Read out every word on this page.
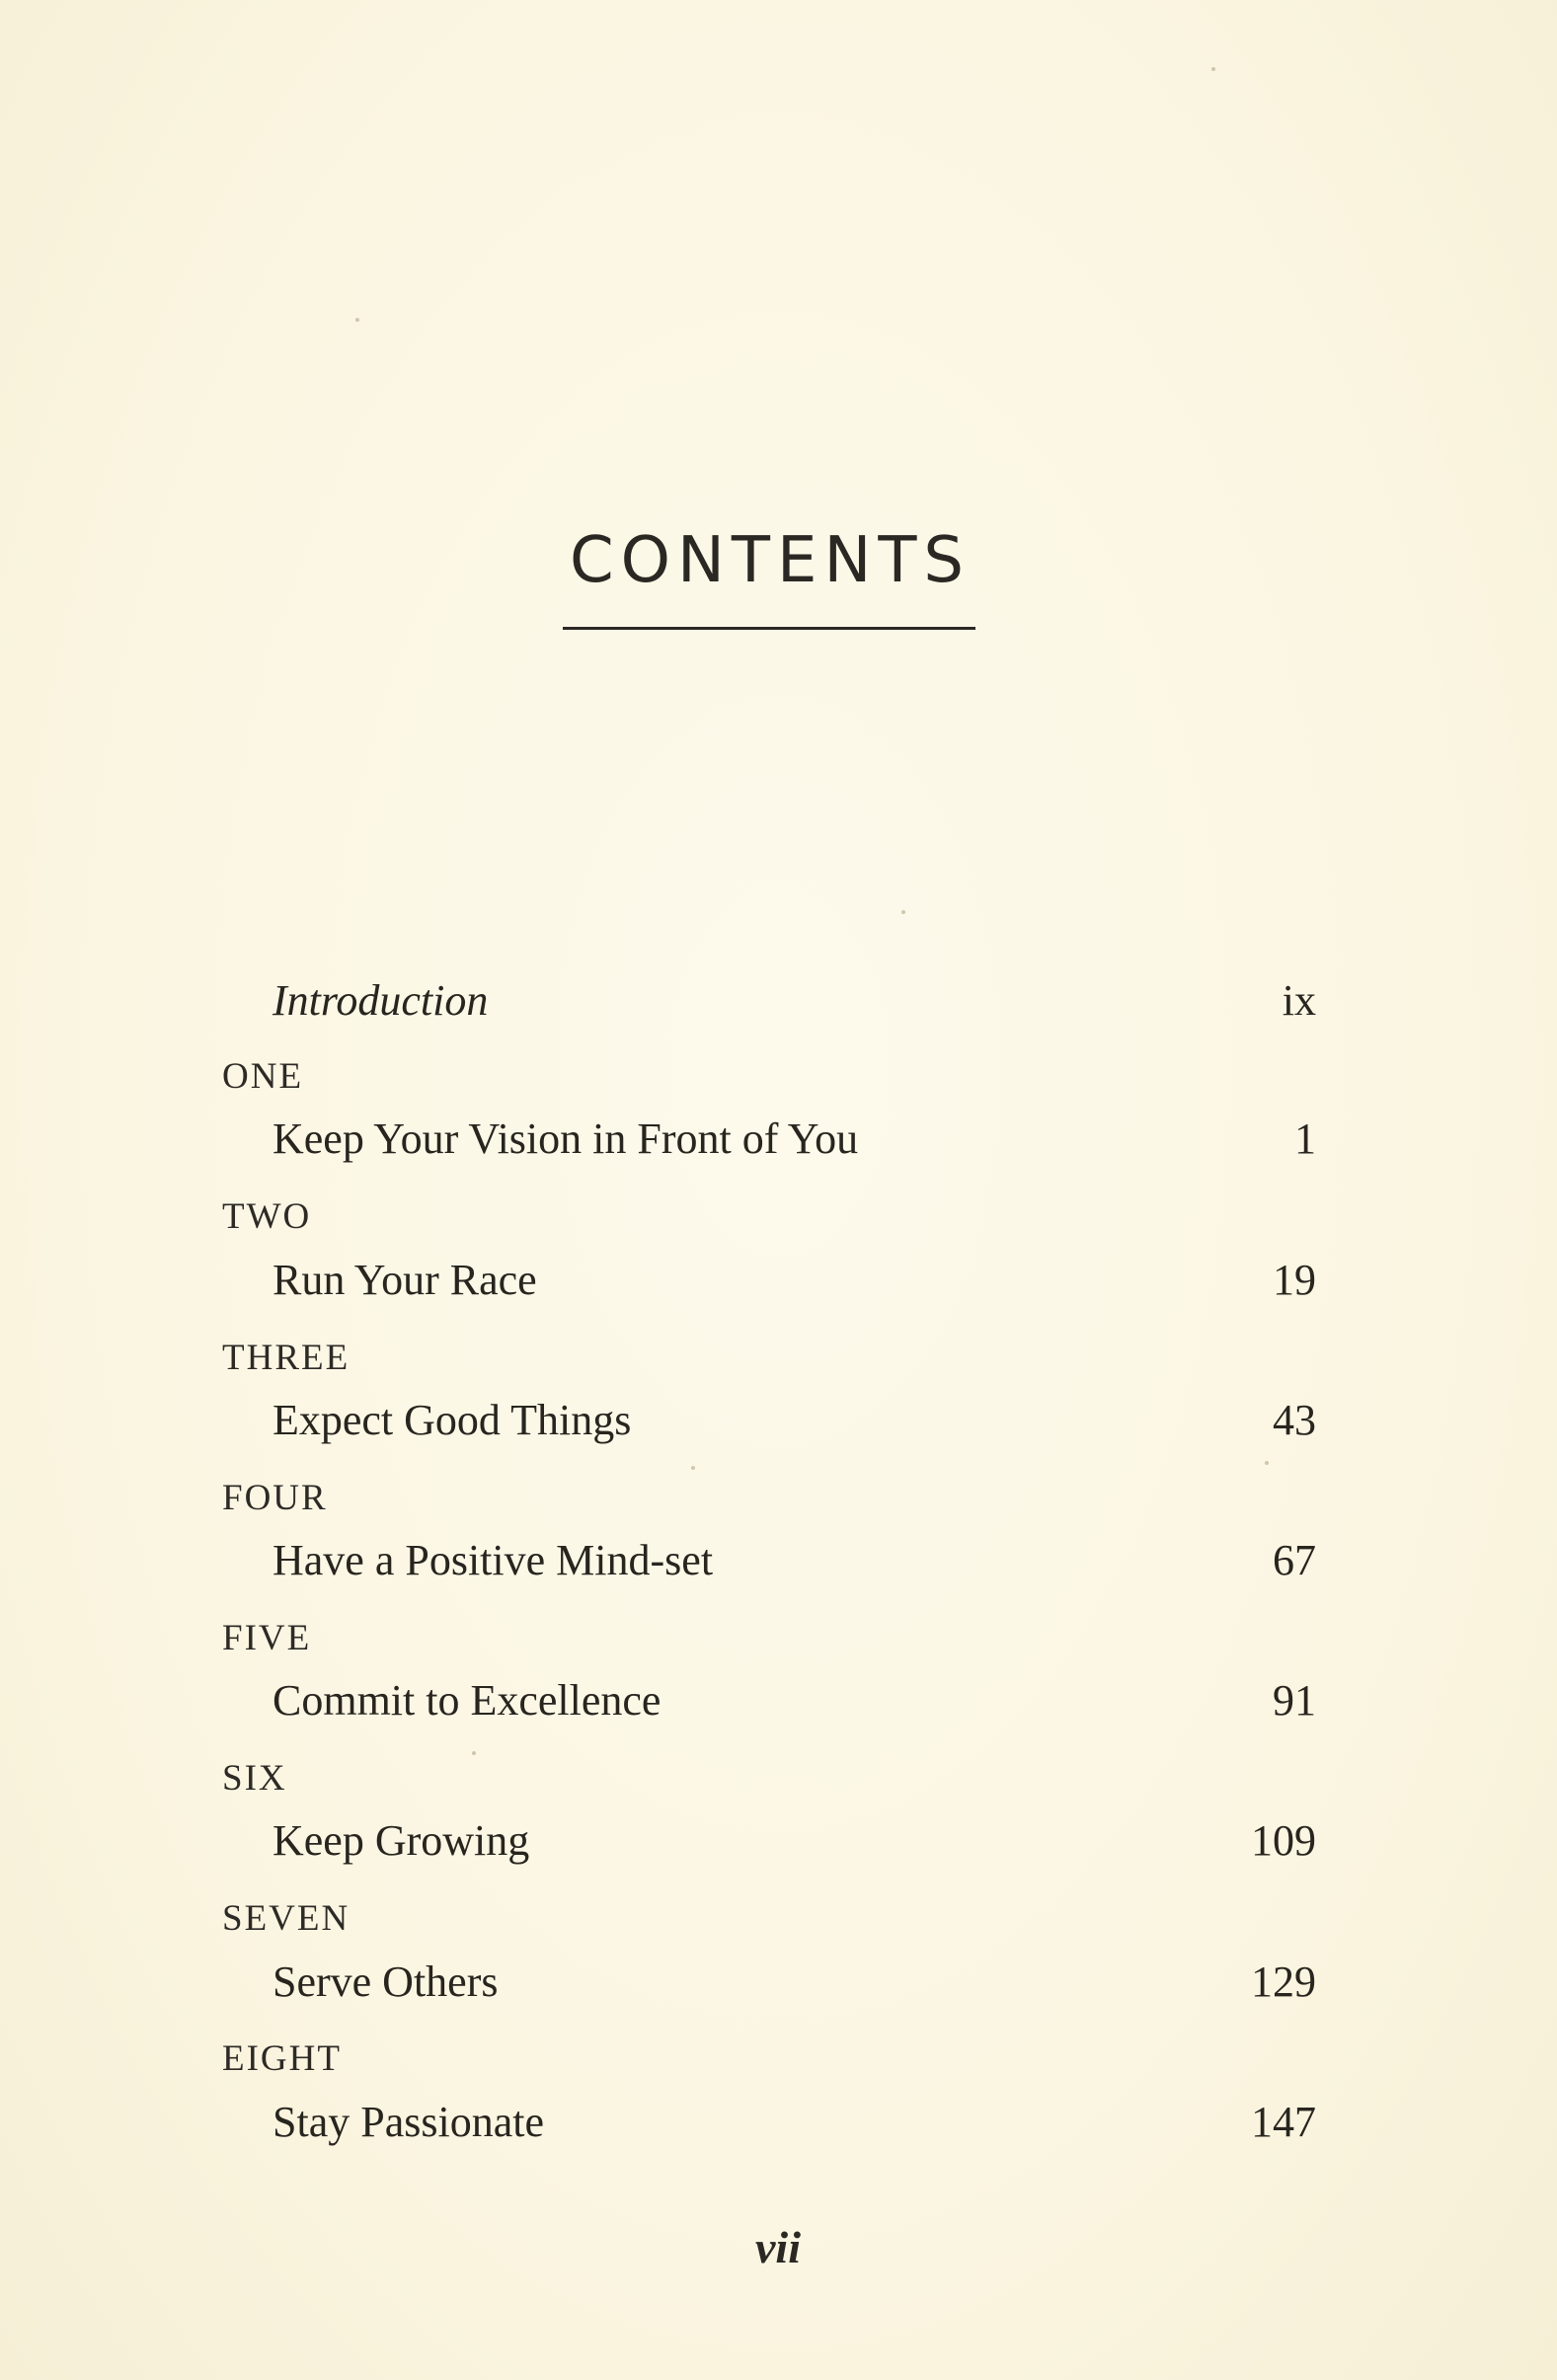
CONTENTS
Introduction	ix
ONE
Keep Your Vision in Front of You	1
TWO
Run Your Race	19
THREE
Expect Good Things	43
FOUR
Have a Positive Mind-set	67
FIVE
Commit to Excellence	91
SIX
Keep Growing	109
SEVEN
Serve Others	129
EIGHT
Stay Passionate	147
vii
